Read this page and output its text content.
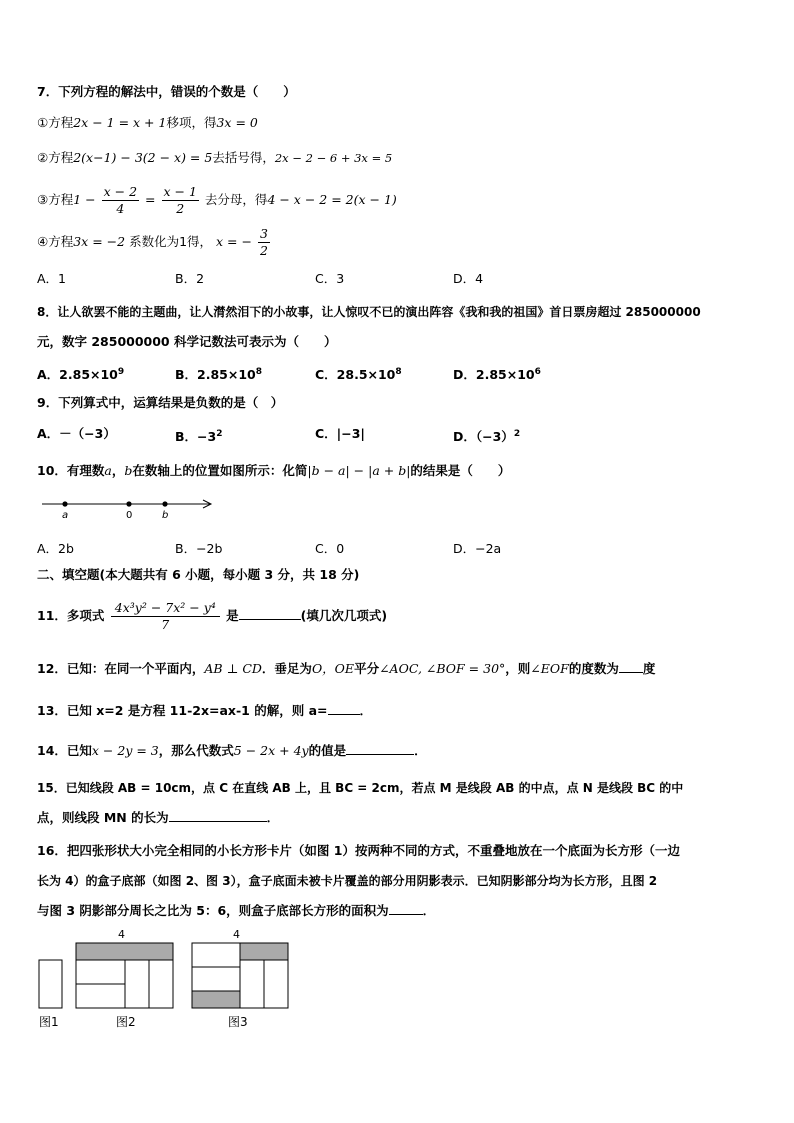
7．下列方程的解法中，错误的个数是（　　）
①方程2x − 1 = x + 1移项，得3x = 0
②方程2(x−1) − 3(2 − x) = 5去括号得，2x − 2 − 6 + 3x = 5
③方程$1 - \frac{x - 2}{4} = \frac{x - 1}{2}$ 去分母，得4 − x − 2 = 2(x − 1)
④方程3x = −2 系数化为1得， x = − $\frac{3}{2}$
A．1	B．2	C．3	D．4
8．让人欲罢不能的主题曲，让人潸然泪下的小故事，让人惊叹不已的演出阵容《我和我的祖国》首日票房超过 285000000
元，数字 285000000 科学记数法可表示为（　　）
A．$2.85\times 10^9$	B．$2.85\times 10^8$	C．$28.5\times 10^8$	D．$2.85\times 10^6$
9．下列算式中，运算结果是负数的是（　）
A．－（−3）	B．$-3^2$	C．|−3|	D．$(-3)^2$
10．有理数a，b在数轴上的位置如图所示：化简|b − a| − |a + b|的结果是（　　）
a	0	b
A．2b	B．−2b	C．0	D．−2a
二、填空题(本大题共有 6 小题，每小题 3 分，共 18 分)
11．多项式 $\frac{\text{4x³y² − 7x² − y⁴}}{7}$ 是	(填几次几项式)
12．已知：在同一个平面内，AB ⊥ CD．垂足为O，OE平分∠AOC, ∠BOF = 30°，则∠EOF的度数为 度
13．已知 x=2 是方程 11-2x=ax-1 的解，则 a=	．
14．已知x − 2y = 3，那么代数式5 − 2x + 4y的值是	．
15．已知线段 AB = 10cm，点 C 在直线 AB 上，且 BC = 2cm，若点 M 是线段 AB 的中点，点 N 是线段 BC 的中
点，则线段 MN 的长为	．
16．把四张形状大小完全相同的小长方形卡片（如图 1）按两种不同的方式，不重叠地放在一个底面为长方形（一边
长为 4）的盒子底部（如图 2、图 3），盒子底面未被卡片覆盖的部分用阴影表示．已知阴影部分均为长方形，且图 2
与图 3 阴影部分周长之比为 5：6，则盒子底部长方形的面积为	．
图1
4
图2
4
图3
